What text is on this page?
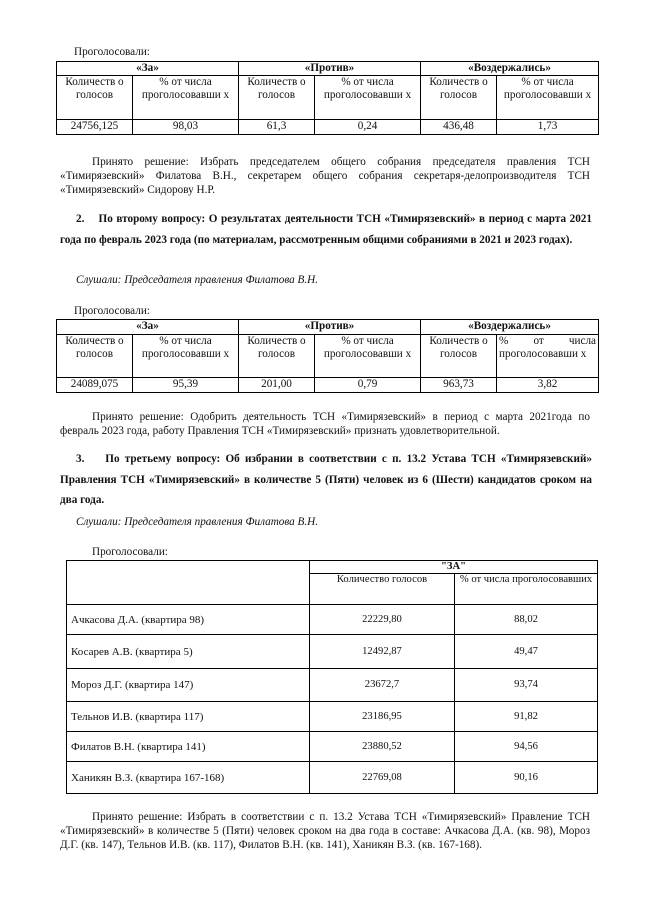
Проголосовали:
«За»		«Против»		«Воздержались»	
Количеств о голосов	% от числа проголосовавши х	Количеств о голосов	% от числа проголосовавши х	Количеств о голосов	% от числа проголосовавши х
24756,125	98,03	61,3	0,24	436,48	1,73
Принято решение: Избрать председателем общего собрания председателя правления ТСН «Тимирязевский» Филатова В.Н., секретарем общего собрания секретаря-делопроизводителя ТСН «Тимирязевский» Сидорову Н.Р.
2. По второму вопросу: О результатах деятельности ТСН «Тимирязевский» в период с марта 2021 года по февраль 2023 года (по материалам, рассмотренным общими собраниями в 2021 и 2023 годах).
Слушали: Председателя правления Филатова В.Н.
Проголосовали:
«За»		«Против»		«Воздержались»	
Количеств о голосов	% от числа проголосовавши х	Количеств о голосов	% от числа проголосовавши х	Количеств о голосов	% от числа проголосовавши х
24089,075	95,39	201,00	0,79	963,73	3,82
Принято решение: Одобрить деятельность ТСН «Тимирязевский» в период с марта 2021года по февраль 2023 года, работу Правления ТСН «Тимирязевский» признать удовлетворительной.
3. По третьему вопросу: Об избрании в соответствии с п. 13.2 Устава ТСН «Тимирязевский» Правления ТСН «Тимирязевский» в количестве 5 (Пяти) человек из 6 (Шести) кандидатов сроком на два года.
Слушали: Председателя правления Филатова В.Н.
Проголосовали:
	"ЗА"	
	Количество голосов	% от числа проголосовавших
Ачкасова Д.А. (квартира 98)	22229,80	88,02
Косарев А.В. (квартира 5)	12492,87	49,47
Мороз Д.Г. (квартира 147)	23672,7	93,74
Тельнов И.В. (квартира 117)	23186,95	91,82
Филатов В.Н. (квартира 141)	23880,52	94,56
Ханикян В.З. (квартира 167-168)	22769,08	90,16
Принято решение: Избрать в соответствии с п. 13.2 Устава ТСН «Тимирязевский» Правление ТСН «Тимирязевский» в количестве 5 (Пяти) человек сроком на два года в составе: Ачкасова Д.А. (кв. 98), Мороз Д.Г. (кв. 147), Тельнов И.В. (кв. 117), Филатов В.Н. (кв. 141), Ханикян В.З. (кв. 167-168).
